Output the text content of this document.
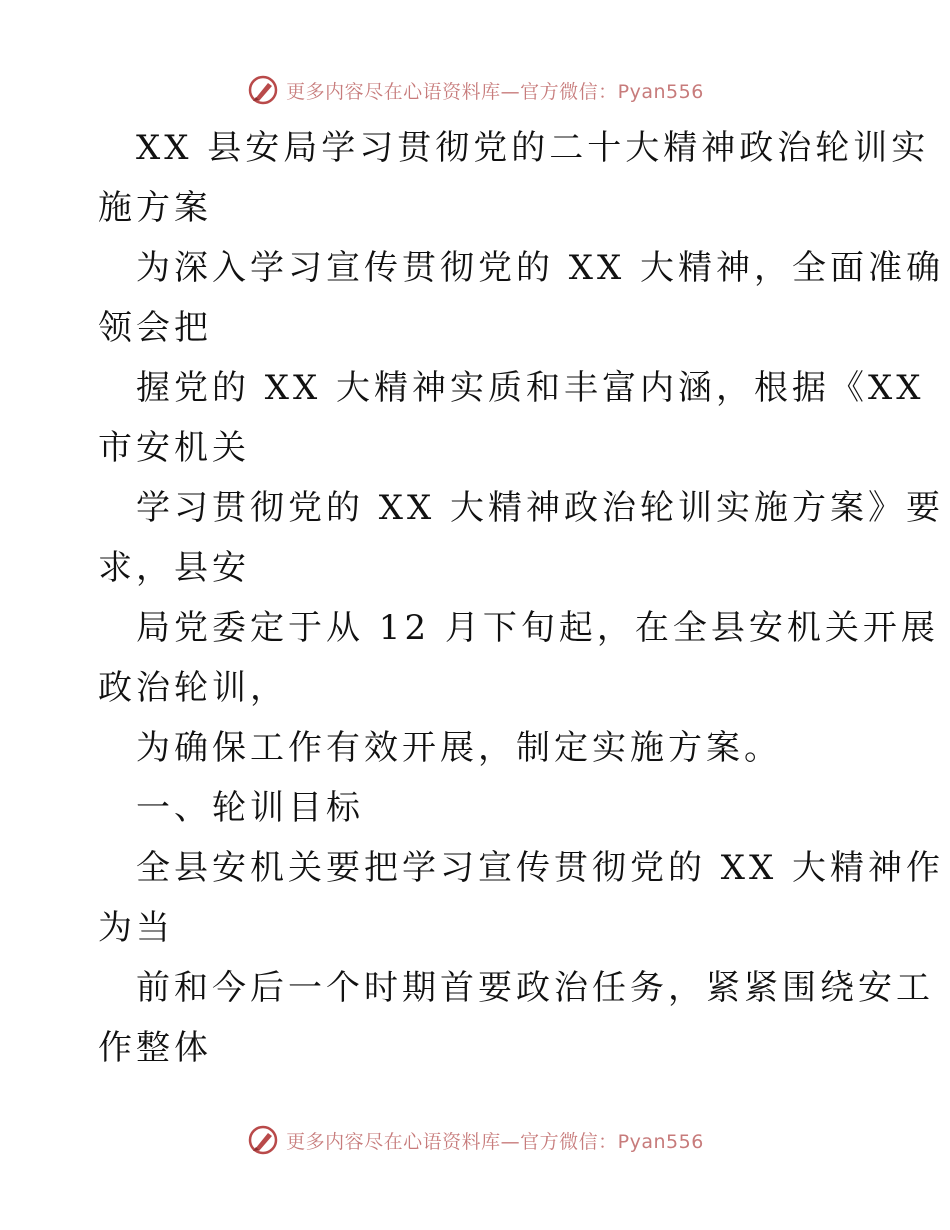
更多内容尽在心语资料库—官方微信：Pyan556
XX 县安局学习贯彻党的二十大精神政治轮训实
施方案
为深入学习宣传贯彻党的 XX 大精神，全面准确
领会把
握党的 XX 大精神实质和丰富内涵，根据《XX
市安机关
学习贯彻党的 XX 大精神政治轮训实施方案》要
求，县安
局党委定于从 12 月下旬起，在全县安机关开展
政治轮训，
为确保工作有效开展，制定实施方案。
一、轮训目标
全县安机关要把学习宣传贯彻党的 XX 大精神作
为当
前和今后一个时期首要政治任务，紧紧围绕安工
作整体
更多内容尽在心语资料库—官方微信：Pyan556
